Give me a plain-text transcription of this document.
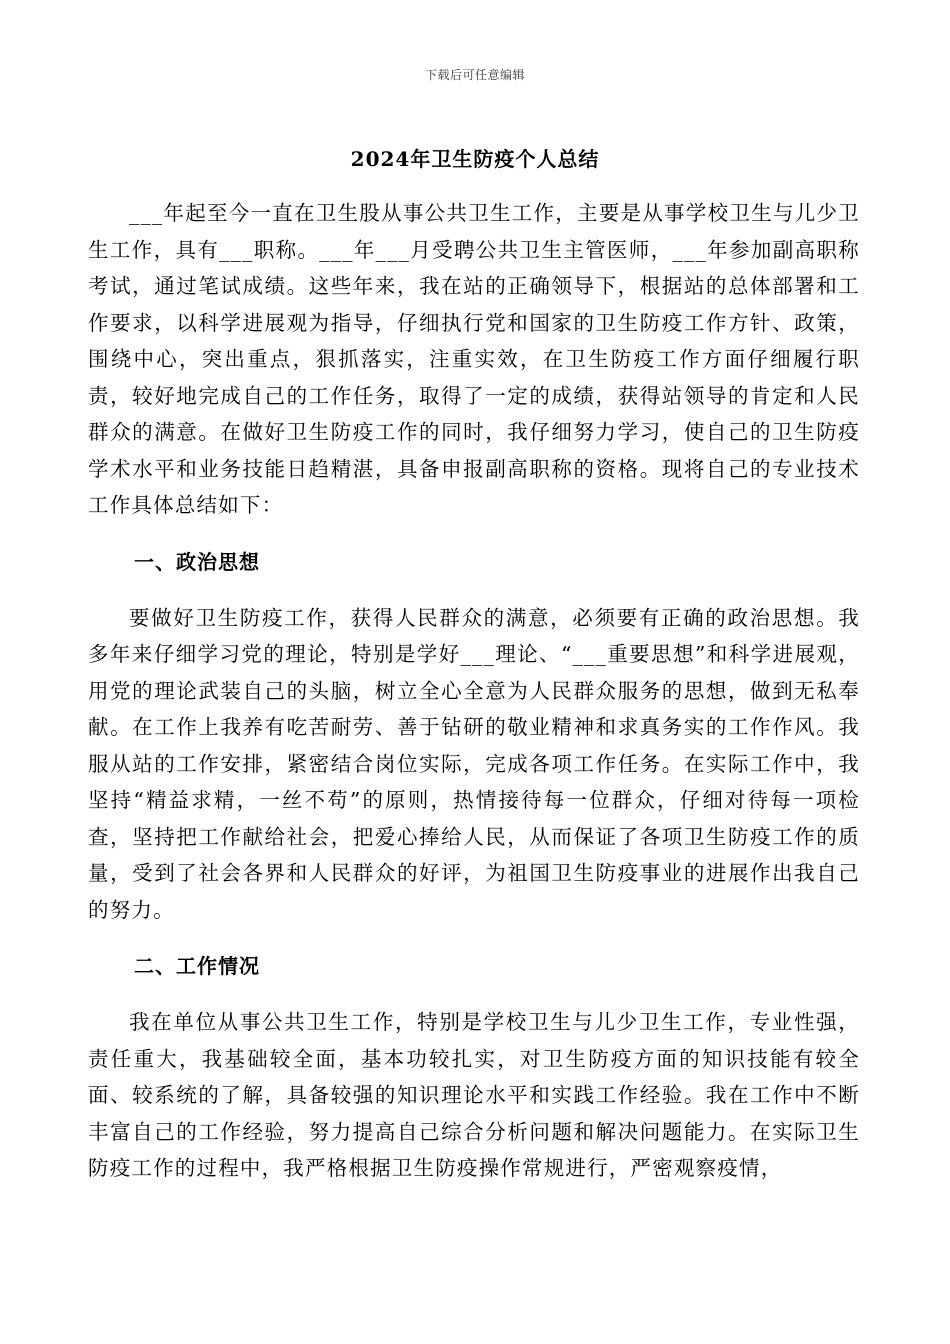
下载后可任意编辑
2024年卫生防疫个人总结

___年起至今一直在卫生股从事公共卫生工作，主要是从事学校卫生与儿少卫生工作，具有___职称。___年___月受聘公共卫生主管医师，___年参加副高职称考试，通过笔试成绩。这些年来，我在站的正确领导下，根据站的总体部署和工作要求，以科学进展观为指导，仔细执行党和国家的卫生防疫工作方针、政策，围绕中心，突出重点，狠抓落实，注重实效，在卫生防疫工作方面仔细履行职责，较好地完成自己的工作任务，取得了一定的成绩，获得站领导的肯定和人民群众的满意。在做好卫生防疫工作的同时，我仔细努力学习，使自己的卫生防疫学术水平和业务技能日趋精湛，具备申报副高职称的资格。现将自己的专业技术工作具体总结如下：

一、政治思想

要做好卫生防疫工作，获得人民群众的满意，必须要有正确的政治思想。我多年来仔细学习党的理论，特别是学好___理论、“___重要思想”和科学进展观，用党的理论武装自己的头脑，树立全心全意为人民群众服务的思想，做到无私奉献。在工作上我养有吃苦耐劳、善于钻研的敬业精神和求真务实的工作作风。我服从站的工作安排，紧密结合岗位实际，完成各项工作任务。在实际工作中，我坚持“精益求精，一丝不苟”的原则，热情接待每一位群众，仔细对待每一项检查，坚持把工作献给社会，把爱心捧给人民，从而保证了各项卫生防疫工作的质量，受到了社会各界和人民群众的好评，为祖国卫生防疫事业的进展作出我自己的努力。

二、工作情况

我在单位从事公共卫生工作，特别是学校卫生与儿少卫生工作，专业性强，责任重大，我基础较全面，基本功较扎实，对卫生防疫方面的知识技能有较全面、较系统的了解，具备较强的知识理论水平和实践工作经验。我在工作中不断丰富自己的工作经验，努力提高自己综合分析问题和解决问题能力。在实际卫生防疫工作的过程中，我严格根据卫生防疫操作常规进行，严密观察疫情，
